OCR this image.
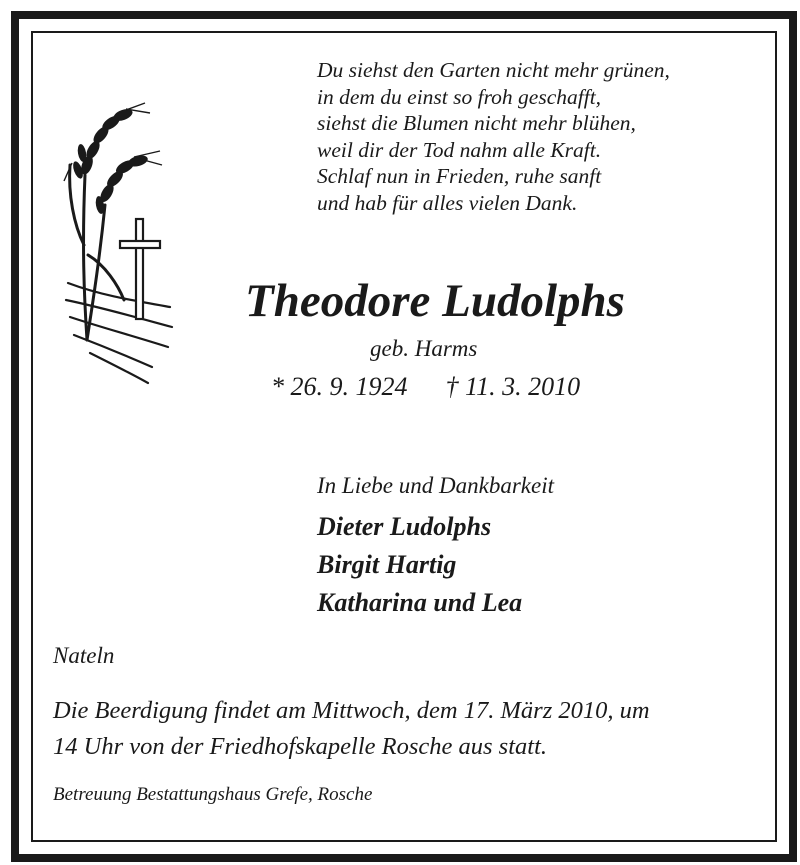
Du siehst den Garten nicht mehr grünen,
in dem du einst so froh geschafft,
siehst die Blumen nicht mehr blühen,
weil dir der Tod nahm alle Kraft.
Schlaf nun in Frieden, ruhe sanft
und hab für alles vielen Dank.
Theodore Ludolphs
geb. Harms
* 26. 9. 1924 † 11. 3. 2010
In Liebe und Dankbarkeit
Dieter Ludolphs
Birgit Hartig
Katharina und Lea
Nateln
Die Beerdigung findet am Mittwoch, dem 17. März 2010, um
14 Uhr von der Friedhofskapelle Rosche aus statt.
Betreuung Bestattungshaus Grefe, Rosche
